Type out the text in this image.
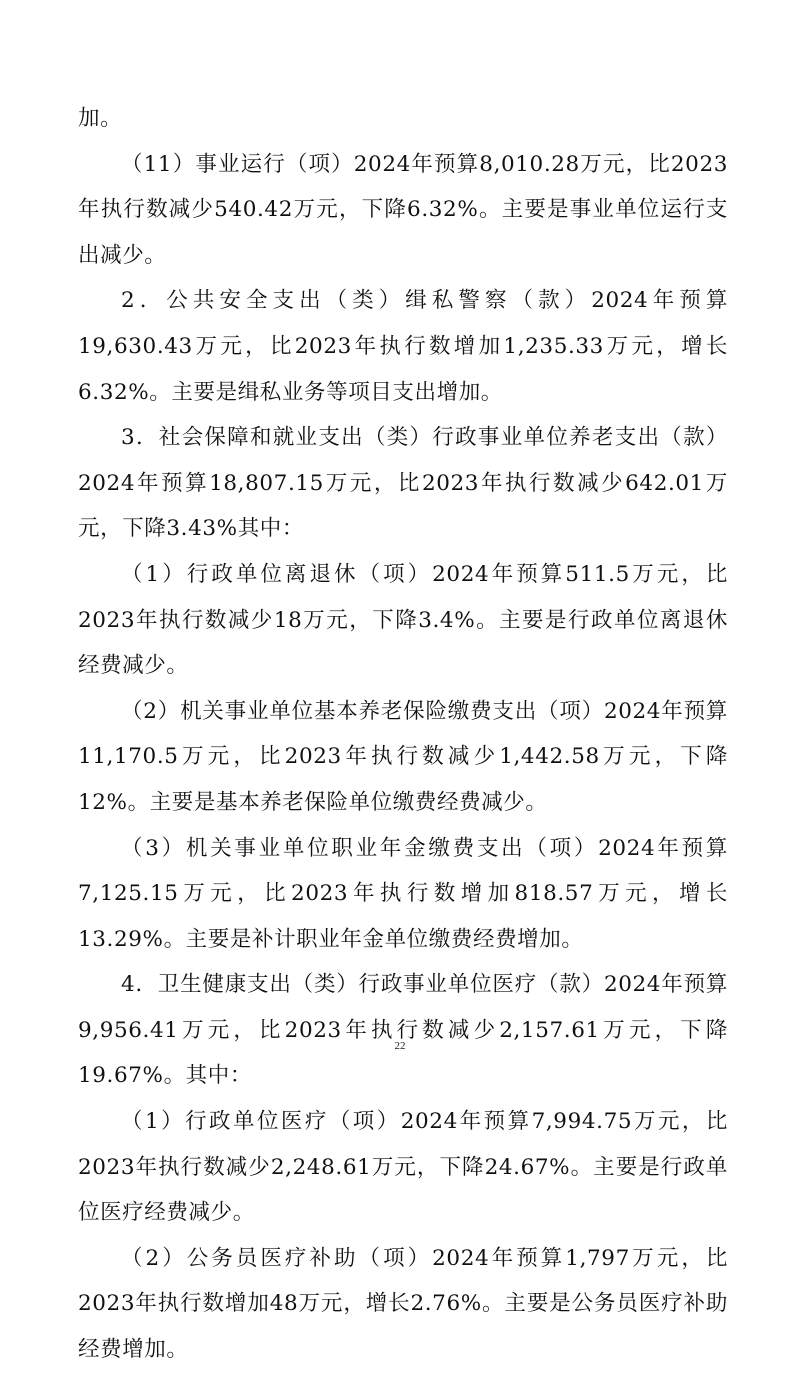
加。

（11）事业运行（项）2024年预算8,010.28万元，比2023年执行数减少540.42万元，下降6.32%。主要是事业单位运行支出减少。

2．公共安全支出（类）缉私警察（款）2024年预算19,630.43万元，比2023年执行数增加1,235.33万元，增长6.32%。主要是缉私业务等项目支出增加。

3．社会保障和就业支出（类）行政事业单位养老支出（款）2024年预算18,807.15万元，比2023年执行数减少642.01万元，下降3.43%其中：

（1）行政单位离退休（项）2024年预算511.5万元，比2023年执行数减少18万元，下降3.4%。主要是行政单位离退休经费减少。

（2）机关事业单位基本养老保险缴费支出（项）2024年预算11,170.5万元，比2023年执行数减少1,442.58万元，下降12%。主要是基本养老保险单位缴费经费减少。

（3）机关事业单位职业年金缴费支出（项）2024年预算7,125.15万元，比2023年执行数增加818.57万元，增长13.29%。主要是补计职业年金单位缴费经费增加。

4．卫生健康支出（类）行政事业单位医疗（款）2024年预算9,956.41万元，比2023年执行数减少2,157.61万元，下降19.67%。其中：

（1）行政单位医疗（项）2024年预算7,994.75万元，比2023年执行数减少2,248.61万元，下降24.67%。主要是行政单位医疗经费减少。

（2）公务员医疗补助（项）2024年预算1,797万元，比2023年执行数增加48万元，增长2.76%。主要是公务员医疗补助经费增加。

22
